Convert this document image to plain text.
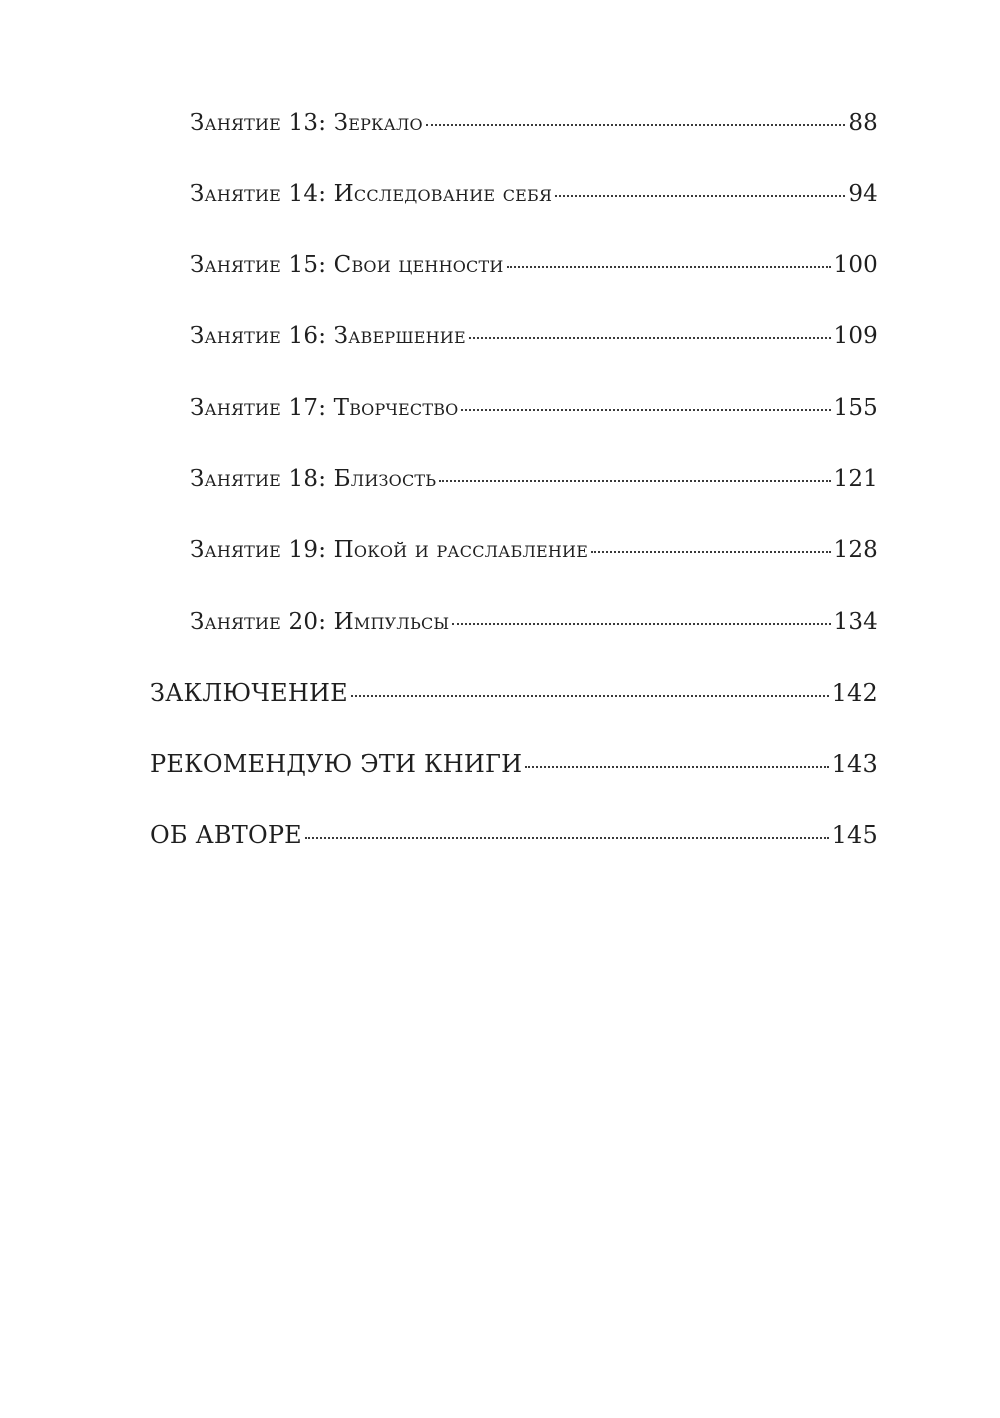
Занятие 13: Зеркало	88
Занятие 14: Исследование себя	94
Занятие 15: Свои ценности	100
Занятие 16: Завершение	109
Занятие 17: Творчество	155
Занятие 18: Близость	121
Занятие 19: Покой и расслабление	128
Занятие 20: Импульсы	134
ЗАКЛЮЧЕНИЕ	142
РЕКОМЕНДУЮ ЭТИ КНИГИ	143
ОБ АВТОРЕ	145
